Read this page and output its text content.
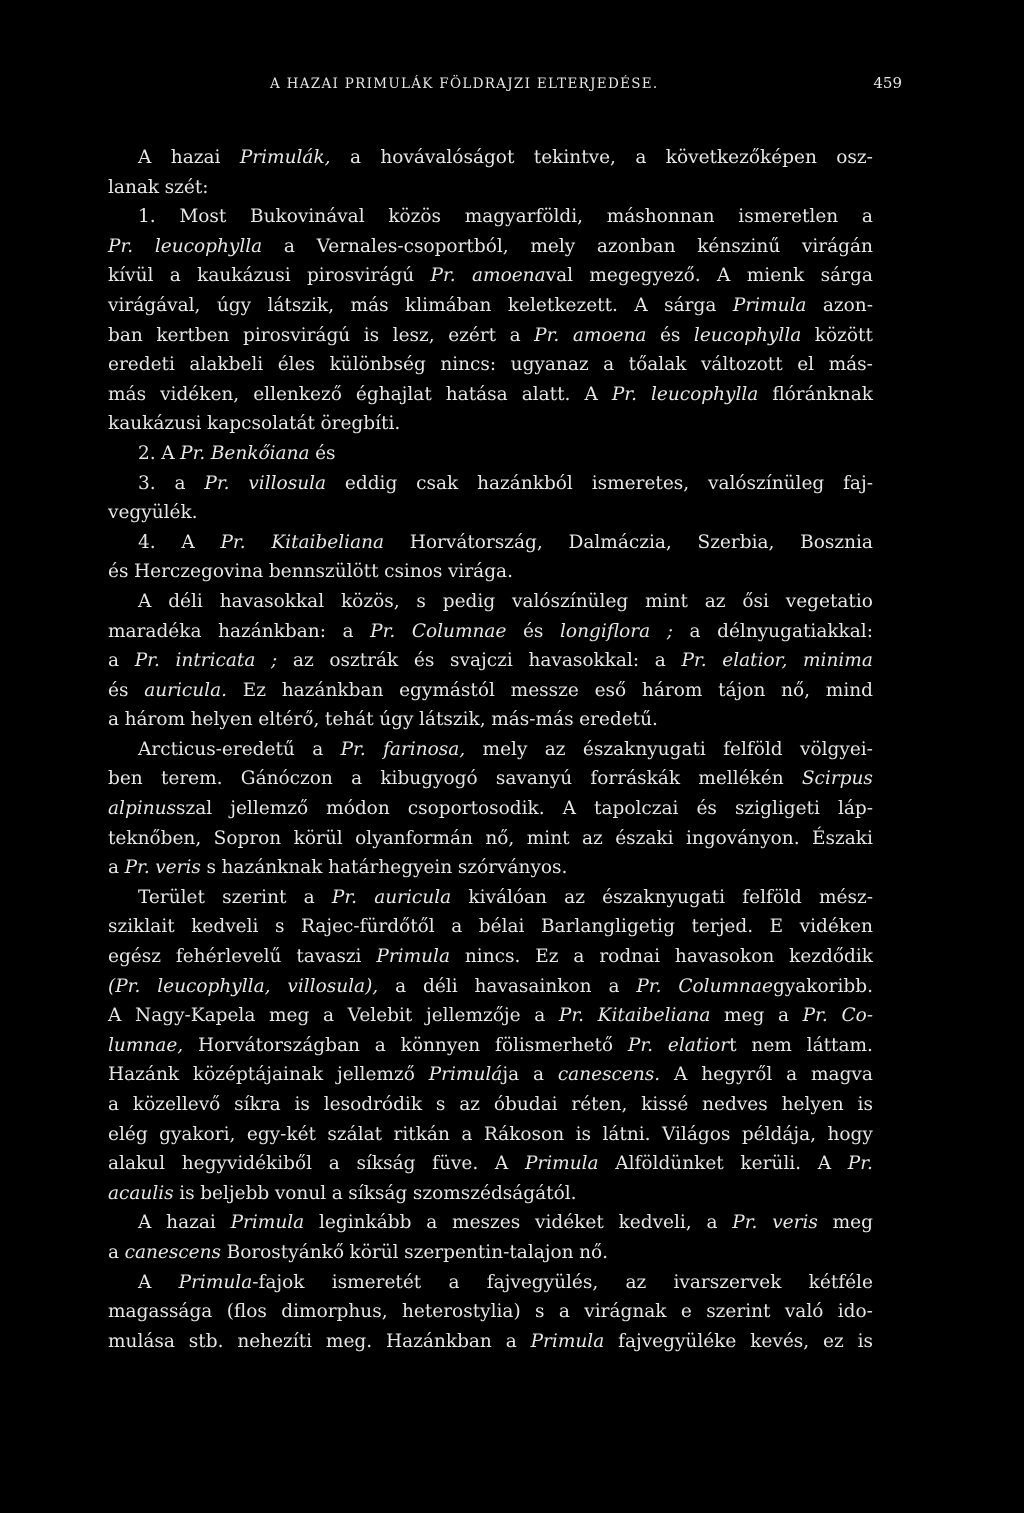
A HAZAI PRIMULÁK FÖLDRAJZI ELTERJEDÉSE.	459
A hazai Primulák, a hovávalóságot tekintve, a következőképen osz-
lanak szét:
1. Most Bukovinával közös magyarföldi, máshonnan ismeretlen a
Pr. leucophylla a Vernales-csoportból, mely azonban kénszinű virágán
kívül a kaukázusi pirosvirágú Pr. amoenaval megegyező. A mienk sárga
virágával, úgy látszik, más klimában keletkezett. A sárga Primula azon-
ban kertben pirosvirágú is lesz, ezért a Pr. amoena és leucophylla között
eredeti alakbeli éles különbség nincs: ugyanaz a tőalak változott el más-
más vidéken, ellenkező éghajlat hatása alatt. A Pr. leucophylla flóránknak
kaukázusi kapcsolatát öregbíti.
2. A Pr. Benkőiana és
3. a Pr. villosula eddig csak hazánkból ismeretes, valószínüleg faj-
vegyülék.
4. A Pr. Kitaibeliana Horvátország, Dalmáczia, Szerbia, Bosznia
és Herczegovina bennszülött csinos virága.
A déli havasokkal közös, s pedig valószínüleg mint az ősi vegetatio
maradéka hazánkban: a Pr. Columnae és longiflora ; a délnyugatiakkal:
a Pr. intricata ; az osztrák és svajczi havasokkal: a Pr. elatior, minima
és auricula. Ez hazánkban egymástól messze eső három tájon nő, mind
a három helyen eltérő, tehát úgy látszik, más-más eredetű.
Arcticus-eredetű a Pr. farinosa, mely az északnyugati felföld völgyei-
ben terem. Gánóczon a kibugyogó savanyú forráskák mellékén Scirpus
alpinusszal jellemző módon csoportosodik. A tapolczai és szigligeti láp-
teknőben, Sopron körül olyanformán nő, mint az északi ingoványon. Északi
a Pr. veris s hazánknak határhegyein szórványos.
Terület szerint a Pr. auricula kiválóan az északnyugati felföld mész-
sziklait kedveli s Rajec-fürdőtől a bélai Barlangligetig terjed. E vidéken
egész fehérlevelű tavaszi Primula nincs. Ez a rodnai havasokon kezdődik
(Pr. leucophylla, villosula), a déli havasainkon a Pr. Columnaegyakoribb.
A Nagy-Kapela meg a Velebit jellemzője a Pr. Kitaibeliana meg a Pr. Co-
lumnae, Horvátországban a könnyen fölismerhető Pr. elatiort nem láttam.
Hazánk középtájainak jellemző Primulája a canescens. A hegyről a magva
a közellevő síkra is lesodródik s az óbudai réten, kissé nedves helyen is
elég gyakori, egy-két szálat ritkán a Rákoson is látni. Világos példája, hogy
alakul hegyvidékiből a síkság füve. A Primula Alföldünket kerüli. A Pr.
acaulis is beljebb vonul a síkság szomszédságától.
A hazai Primula leginkább a meszes vidéket kedveli, a Pr. veris meg
a canescens Borostyánkő körül szerpentin-talajon nő.
A Primula-fajok ismeretét a fajvegyülés, az ivarszervek kétféle
magassága (flos dimorphus, heterostylia) s a virágnak e szerint való ido-
mulása stb. nehezíti meg. Hazánkban a Primula fajvegyüléke kevés, ez is
